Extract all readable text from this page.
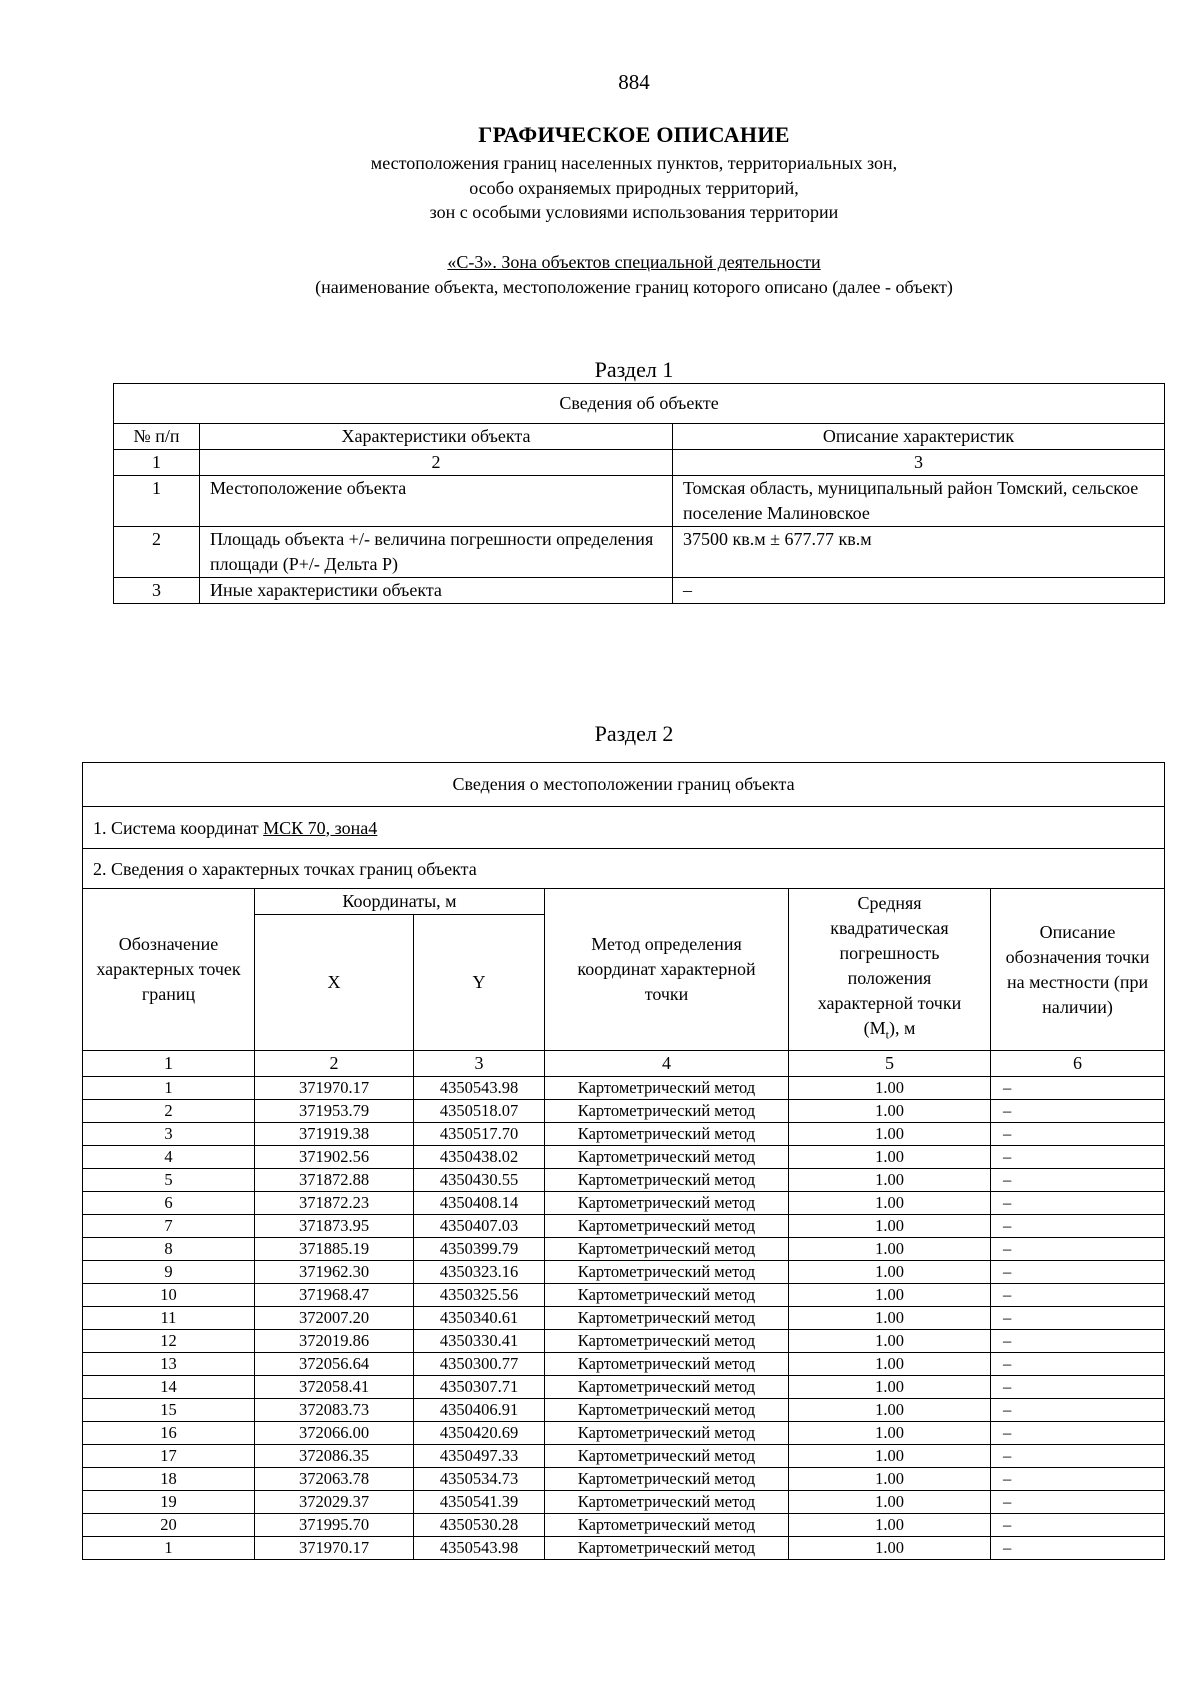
884
ГРАФИЧЕСКОЕ ОПИСАНИЕ
местоположения границ населенных пунктов, территориальных зон,
особо охраняемых природных территорий,
зон с особыми условиями использования территории
«С-3». Зона объектов специальной деятельности
(наименование объекта, местоположение границ которого описано (далее - объект)
Раздел 1
Сведения об объекте		
№ п/п	Характеристики объекта	Описание характеристик
1	2	3
1	Местоположение объекта	Томская область, муниципальный район Томский, сельское поселение Малиновское
2	Площадь объекта +/- величина погрешности определения площади (Р+/- Дельта Р)	37500 кв.м ± 677.77 кв.м
3	Иные характеристики объекта	–
Раздел 2
Сведения о местоположении границ объекта					
1. Система координат МСК 70, зона4					
2. Сведения о характерных точках границ объекта					
Обозначение характерных точек границ	Координаты, м		Метод определения координат характерной точки	Средняя квадратическая погрешность положения характерной точки $(M_t)$, м	Описание обозначения точки на местности (при наличии)
	X	Y			
1	2	3	4	5	6
1	371970.17	4350543.98	Картометрический метод	1.00	–
2	371953.79	4350518.07	Картометрический метод	1.00	–
3	371919.38	4350517.70	Картометрический метод	1.00	–
4	371902.56	4350438.02	Картометрический метод	1.00	–
5	371872.88	4350430.55	Картометрический метод	1.00	–
6	371872.23	4350408.14	Картометрический метод	1.00	–
7	371873.95	4350407.03	Картометрический метод	1.00	–
8	371885.19	4350399.79	Картометрический метод	1.00	–
9	371962.30	4350323.16	Картометрический метод	1.00	–
10	371968.47	4350325.56	Картометрический метод	1.00	–
11	372007.20	4350340.61	Картометрический метод	1.00	–
12	372019.86	4350330.41	Картометрический метод	1.00	–
13	372056.64	4350300.77	Картометрический метод	1.00	–
14	372058.41	4350307.71	Картометрический метод	1.00	–
15	372083.73	4350406.91	Картометрический метод	1.00	–
16	372066.00	4350420.69	Картометрический метод	1.00	–
17	372086.35	4350497.33	Картометрический метод	1.00	–
18	372063.78	4350534.73	Картометрический метод	1.00	–
19	372029.37	4350541.39	Картометрический метод	1.00	–
20	371995.70	4350530.28	Картометрический метод	1.00	–
1	371970.17	4350543.98	Картометрический метод	1.00	–
